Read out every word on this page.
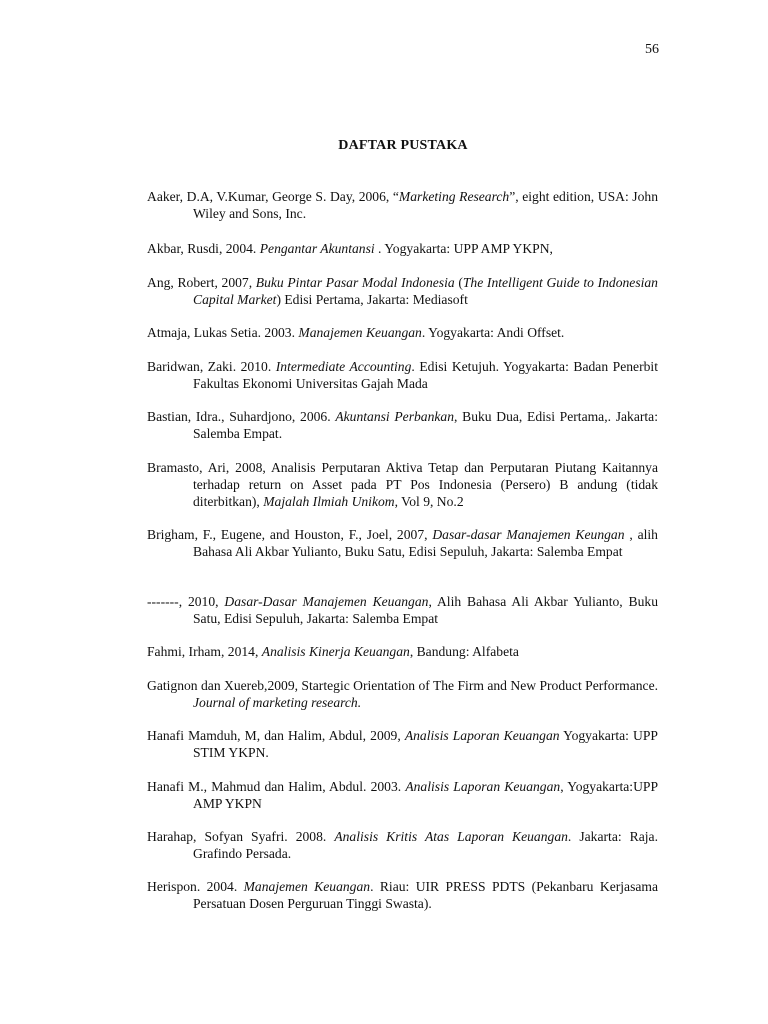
56
DAFTAR PUSTAKA
Aaker, D.A, V.Kumar, George S. Day, 2006, “Marketing Research”, eight edition, USA: John Wiley and Sons, Inc.
Akbar, Rusdi, 2004. Pengantar Akuntansi . Yogyakarta: UPP AMP YKPN,
Ang, Robert, 2007, Buku Pintar Pasar Modal Indonesia (The Intelligent Guide to Indonesian Capital Market) Edisi Pertama, Jakarta: Mediasoft
Atmaja, Lukas Setia. 2003. Manajemen Keuangan. Yogyakarta: Andi Offset.
Baridwan, Zaki. 2010. Intermediate Accounting. Edisi Ketujuh. Yogyakarta: Badan Penerbit Fakultas Ekonomi Universitas Gajah Mada
Bastian, Idra., Suhardjono, 2006. Akuntansi Perbankan, Buku Dua, Edisi Pertama,. Jakarta: Salemba Empat.
Bramasto, Ari, 2008, Analisis Perputaran Aktiva Tetap dan Perputaran Piutang Kaitannya terhadap return on Asset pada PT Pos Indonesia (Persero) B andung (tidak diterbitkan), Majalah Ilmiah Unikom, Vol 9, No.2
Brigham, F., Eugene, and Houston, F., Joel, 2007, Dasar-dasar Manajemen Keungan , alih Bahasa Ali Akbar Yulianto, Buku Satu, Edisi Sepuluh, Jakarta: Salemba Empat
-------, 2010, Dasar-Dasar Manajemen Keuangan, Alih Bahasa Ali Akbar Yulianto, Buku Satu, Edisi Sepuluh, Jakarta: Salemba Empat
Fahmi, Irham, 2014, Analisis Kinerja Keuangan, Bandung: Alfabeta
Gatignon dan Xuereb,2009, Startegic Orientation of The Firm and New Product Performance. Journal of marketing research.
Hanafi Mamduh, M, dan Halim, Abdul, 2009, Analisis Laporan Keuangan Yogyakarta: UPP STIM YKPN.
Hanafi M., Mahmud dan Halim, Abdul. 2003. Analisis Laporan Keuangan, Yogyakarta:UPP AMP YKPN
Harahap, Sofyan Syafri. 2008. Analisis Kritis Atas Laporan Keuangan. Jakarta: Raja. Grafindo Persada.
Herispon. 2004. Manajemen Keuangan. Riau: UIR PRESS PDTS (Pekanbaru Kerjasama Persatuan Dosen Perguruan Tinggi Swasta).
